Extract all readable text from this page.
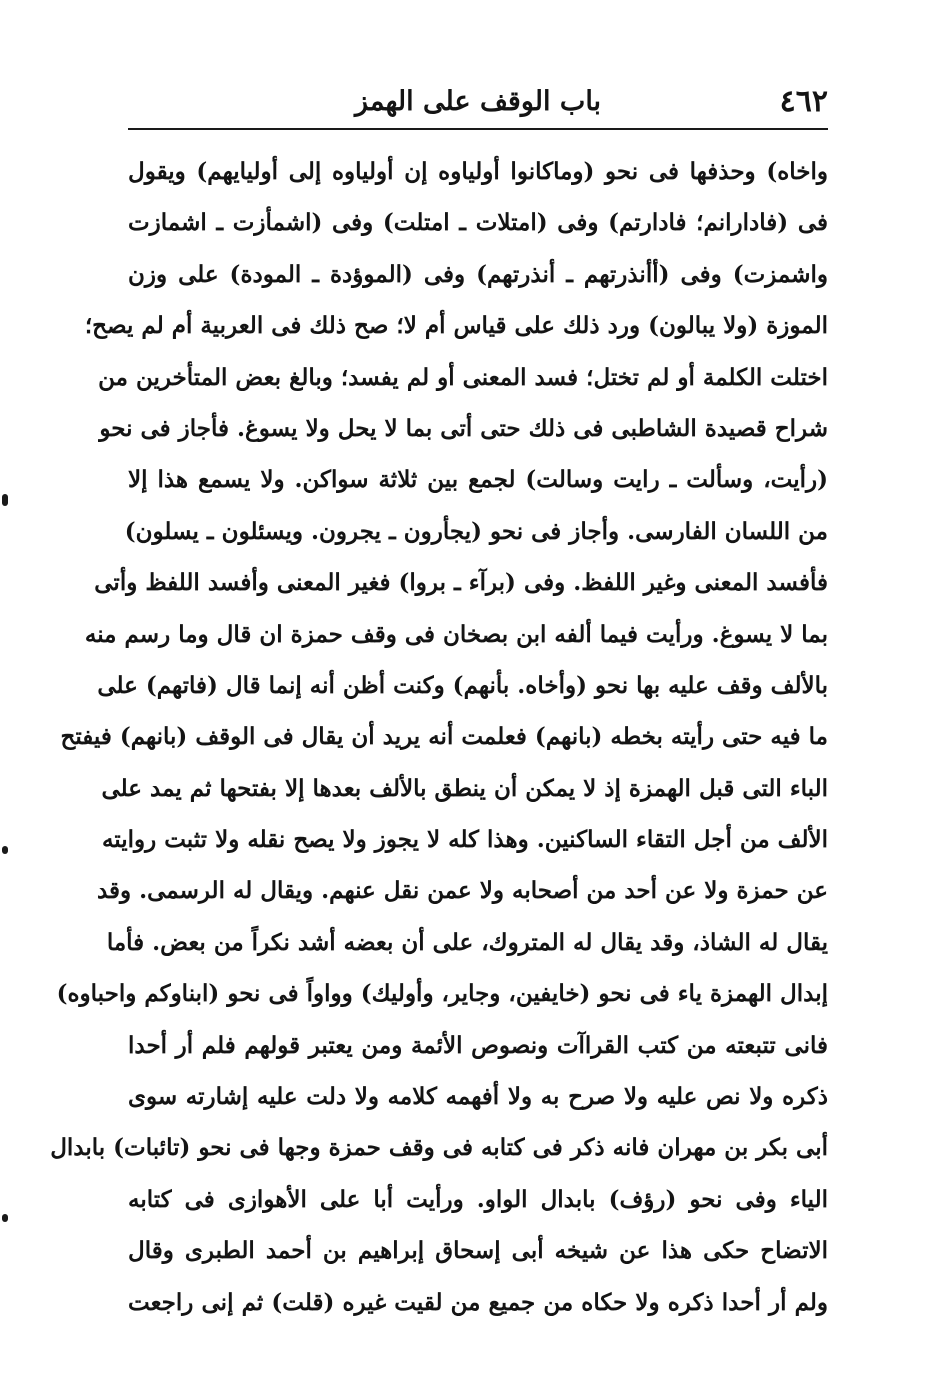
٤٦٢
باب الوقف على الهمز
واخاه) وحذفها فى نحو (وماكانوا أولياوه إن أولياوه إلى أوليايهم) ويقول
فى (فادارانم؛ فادارتم) وفى (امتلات ـ امتلت) وفى (اشمأزت ـ اشمازت
واشمزت) وفى (أأنذرتهم ـ أنذرتهم) وفى (الموؤدة ـ المودة) على وزن
الموزة (ولا يبالون) ورد ذلك على قياس أم لا؛ صح ذلك فى العربية أم لم يصح؛
اختلت الكلمة أو لم تختل؛ فسد المعنى أو لم يفسد؛ وبالغ بعض المتأخرين من
شراح قصيدة الشاطبى فى ذلك حتى أتى بما لا يحل ولا يسوغ. فأجاز فى نحو
(رأيت، وسألت ـ رايت وسالت) لجمع بين ثلاثة سواكن. ولا يسمع هذا إلا
من اللسان الفارسى. وأجاز فى نحو (يجأرون ـ يجرون. ويسئلون ـ يسلون)
فأفسد المعنى وغير اللفظ. وفى (برآء ـ بروا) فغير المعنى وأفسد اللفظ وأتى
بما لا يسوغ. ورأيت فيما ألفه ابن بصخان فى وقف حمزة ان قال وما رسم منه
بالألف وقف عليه بها نحو (وأخاه. بأنهم) وكنت أظن أنه إنما قال (فاتهم) على
ما فيه حتى رأيته بخطه (بانهم) فعلمت أنه يريد أن يقال فى الوقف (بانهم) فيفتح
الباء التى قبل الهمزة إذ لا يمكن أن ينطق بالألف بعدها إلا بفتحها ثم يمد على
الألف من أجل التقاء الساكنين. وهذا كله لا يجوز ولا يصح نقله ولا تثبت روايته
عن حمزة ولا عن أحد من أصحابه ولا عمن نقل عنهم. ويقال له الرسمى. وقد
يقال له الشاذ، وقد يقال له المتروك، على أن بعضه أشد نكراً من بعض. فأما
إبدال الهمزة ياء فى نحو (خايفين، وجاير، وأوليك) وواواً فى نحو (ابناوكم واحباوه)
فانى تتبعته من كتب القراآت ونصوص الأئمة ومن يعتبر قولهم فلم أر أحدا
ذكره ولا نص عليه ولا صرح به ولا أفهمه كلامه ولا دلت عليه إشارته سوى
أبى بكر بن مهران فانه ذكر فى كتابه فى وقف حمزة وجها فى نحو (تائبات) بابدال
الياء وفى نحو (رؤف) بابدال الواو. ورأيت أبا على الأهوازى فى كتابه
الاتضاح حكى هذا عن شيخه أبى إسحاق إبراهيم بن أحمد الطبرى وقال
ولم أر أحدا ذكره ولا حكاه من جميع من لقيت غيره (قلت) ثم إنى راجعت
